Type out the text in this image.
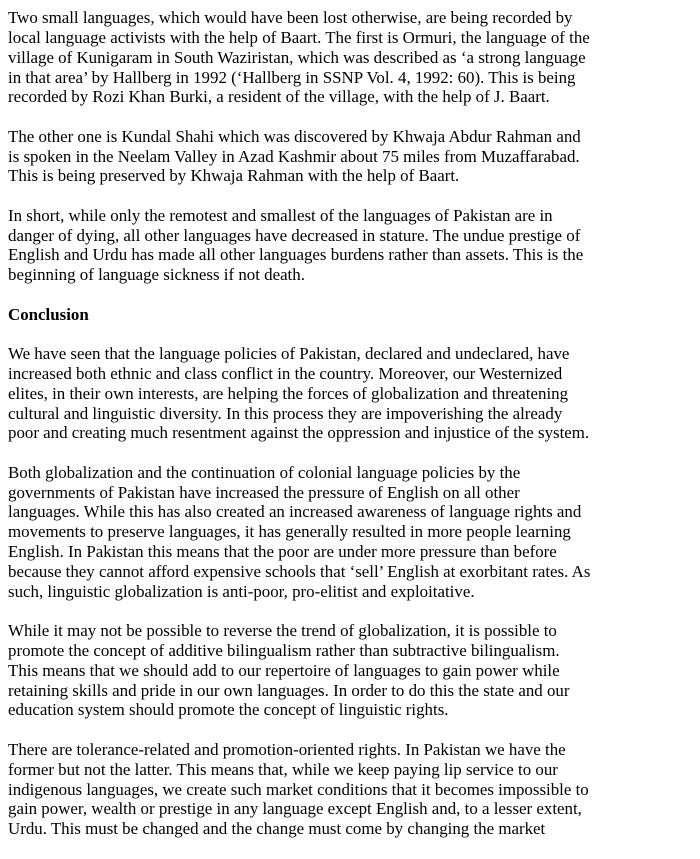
Two small languages, which would have been lost otherwise, are being recorded by
local language activists with the help of Baart. The first is Ormuri, the language of the
village of Kunigaram in South Waziristan, which was described as ‘a strong language
in that area’ by Hallberg in 1992 (‘Hallberg in SSNP Vol. 4, 1992: 60). This is being
recorded by Rozi Khan Burki, a resident of the village, with the help of J. Baart.
The other one is Kundal Shahi which was discovered by Khwaja Abdur Rahman and
is spoken in the Neelam Valley in Azad Kashmir about 75 miles from Muzaffarabad.
This is being preserved by Khwaja Rahman with the help of Baart.
In short, while only the remotest and smallest of the languages of Pakistan are in
danger of dying, all other languages have decreased in stature. The undue prestige of
English and Urdu has made all other languages burdens rather than assets. This is the
beginning of language sickness if not death.
Conclusion
We have seen that the language policies of Pakistan, declared and undeclared, have
increased both ethnic and class conflict in the country. Moreover, our Westernized
elites, in their own interests, are helping the forces of globalization and threatening
cultural and linguistic diversity. In this process they are impoverishing the already
poor and creating much resentment against the oppression and injustice of the system.
Both globalization and the continuation of colonial language policies by the
governments of Pakistan have increased the pressure of English on all other
languages. While this has also created an increased awareness of language rights and
movements to preserve languages, it has generally resulted in more people learning
English. In Pakistan this means that the poor are under more pressure than before
because they cannot afford expensive schools that ‘sell’ English at exorbitant rates. As
such, linguistic globalization is anti-poor, pro-elitist and exploitative.
While it may not be possible to reverse the trend of globalization, it is possible to
promote the concept of additive bilingualism rather than subtractive bilingualism.
This means that we should add to our repertoire of languages to gain power while
retaining skills and pride in our own languages. In order to do this the state and our
education system should promote the concept of linguistic rights.
There are tolerance-related and promotion-oriented rights. In Pakistan we have the
former but not the latter. This means that, while we keep paying lip service to our
indigenous languages, we create such market conditions that it becomes impossible to
gain power, wealth or prestige in any language except English and, to a lesser extent,
Urdu. This must be changed and the change must come by changing the market
